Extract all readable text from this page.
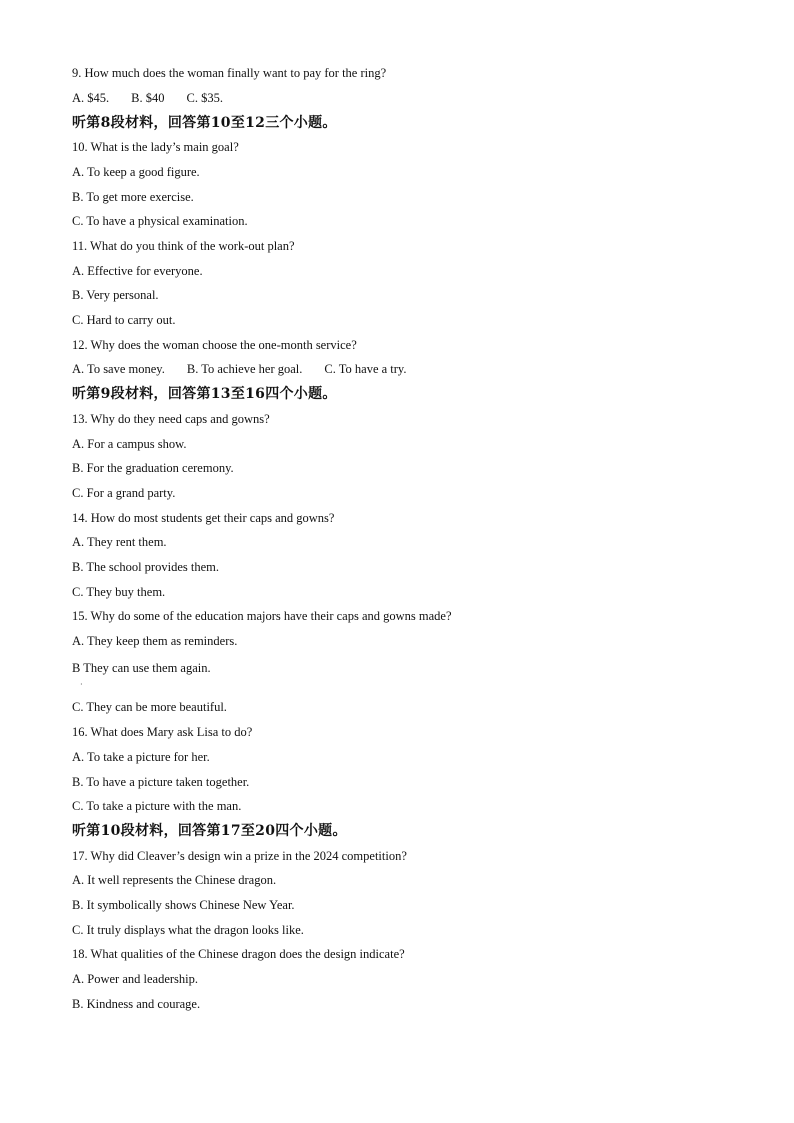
9. How much does the woman finally want to pay for the ring?
A. $45. B. $40 C. $35.
听第8段材料，回答第10至12三个小题。
10. What is the lady’s main goal?
A. To keep a good figure.
B. To get more exercise.
C. To have a physical examination.
11. What do you think of the work-out plan?
A. Effective for everyone.
B. Very personal.
C. Hard to carry out.
12. Why does the woman choose the one-month service?
A. To save money. B. To achieve her goal. C. To have a try.
听第9段材料，回答第13至16四个小题。
13. Why do they need caps and gowns?
A. For a campus show.
B. For the graduation ceremony.
C. For a grand party.
14. How do most students get their caps and gowns?
A. They rent them.
B. The school provides them.
C. They buy them.
15. Why do some of the education majors have their caps and gowns made?
A. They keep them as reminders.
B They can use them again.
·
C. They can be more beautiful.
16. What does Mary ask Lisa to do?
A. To take a picture for her.
B. To have a picture taken together.
C. To take a picture with the man.
听第10段材料，回答第17至20四个小题。
17. Why did Cleaver’s design win a prize in the 2024 competition?
A. It well represents the Chinese dragon.
B. It symbolically shows Chinese New Year.
C. It truly displays what the dragon looks like.
18. What qualities of the Chinese dragon does the design indicate?
A. Power and leadership.
B. Kindness and courage.
